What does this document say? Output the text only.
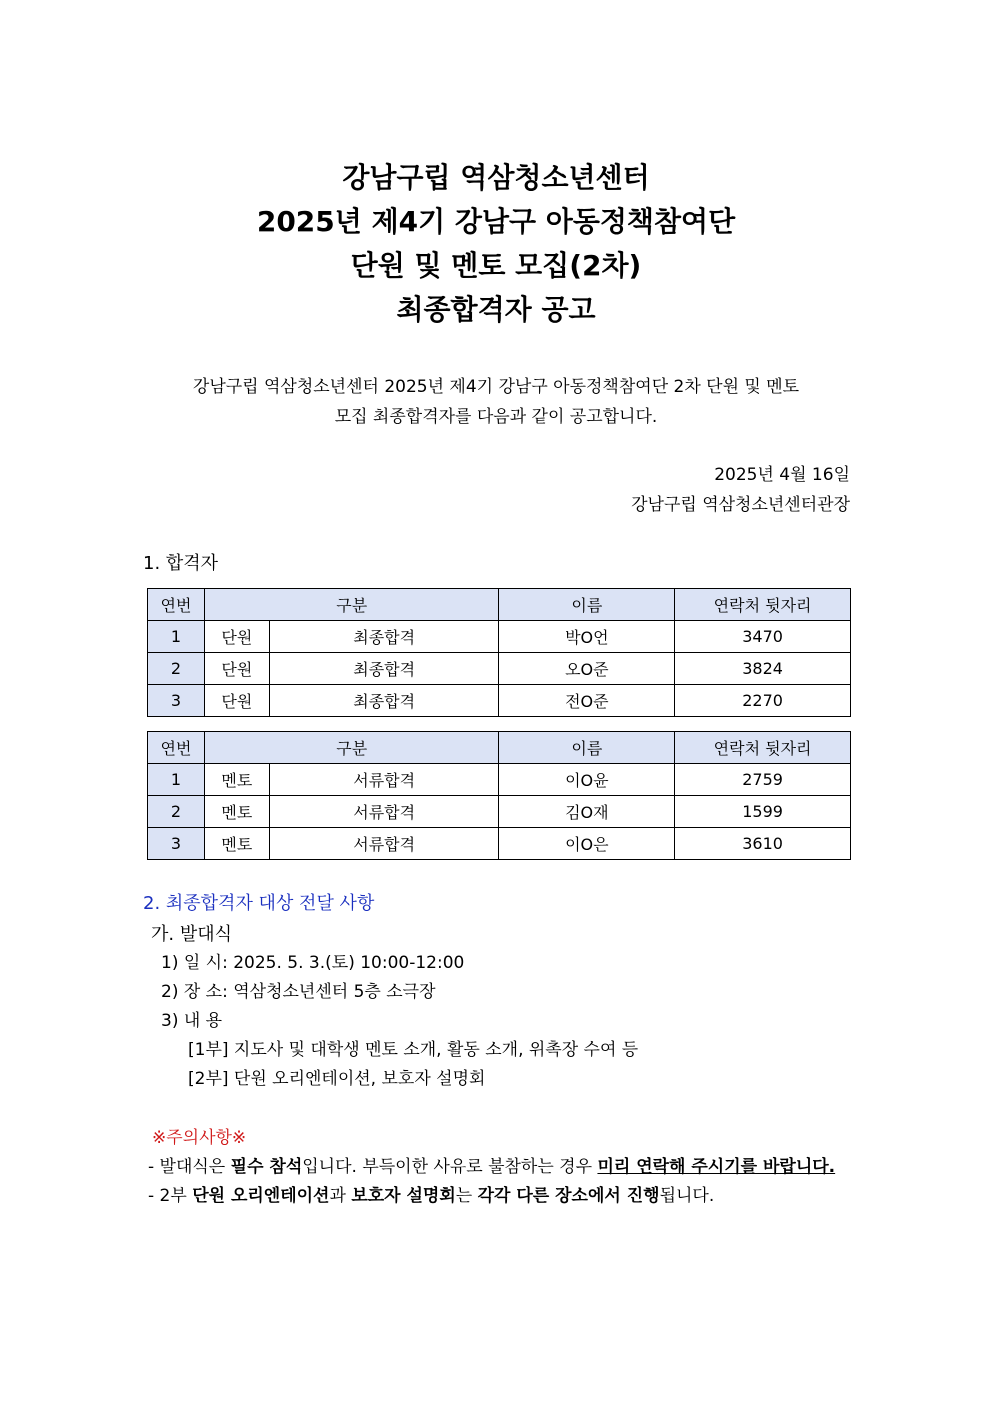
강남구립 역삼청소년센터
2025년 제4기 강남구 아동정책참여단
단원 및 멘토 모집(2차)
최종합격자 공고
강남구립 역삼청소년센터 2025년 제4기 강남구 아동정책참여단 2차 단원 및 멘토
모집 최종합격자를 다음과 같이 공고합니다.
2025년 4월 16일
강남구립 역삼청소년센터관장
1. 합격자
연번	구분		이름	연락처 뒷자리
1	단원	최종합격	박O언	3470
2	단원	최종합격	오O준	3824
3	단원	최종합격	전O준	2270
연번	구분		이름	연락처 뒷자리
1	멘토	서류합격	이O윤	2759
2	멘토	서류합격	김O재	1599
3	멘토	서류합격	이O은	3610
2. 최종합격자 대상 전달 사항
가. 발대식
1) 일 시: 2025. 5. 3.(토) 10:00-12:00
2) 장 소: 역삼청소년센터 5층 소극장
3) 내 용
[1부] 지도사 및 대학생 멘토 소개, 활동 소개, 위촉장 수여 등
[2부] 단원 오리엔테이션, 보호자 설명회
※주의사항※
- 발대식은 필수 참석입니다. 부득이한 사유로 불참하는 경우 미리 연락해 주시기를 바랍니다.
- 2부 단원 오리엔테이션과 보호자 설명회는 각각 다른 장소에서 진행됩니다.
